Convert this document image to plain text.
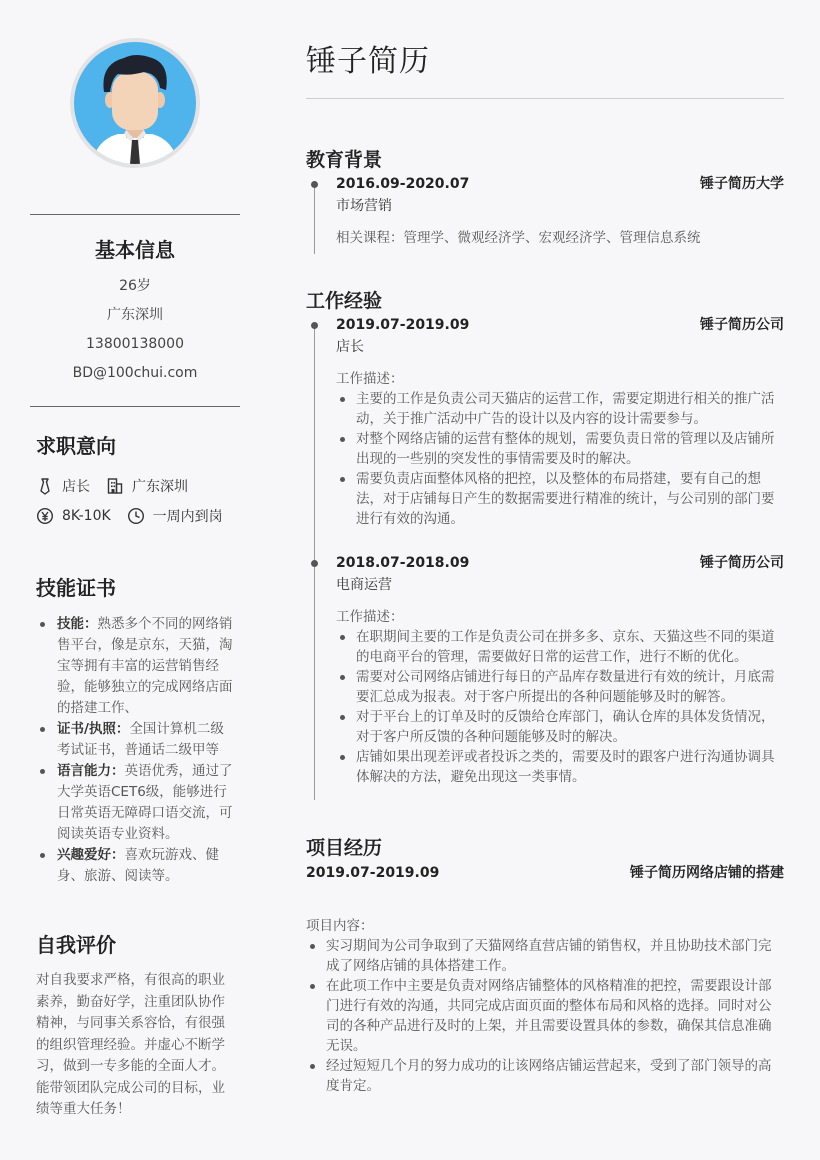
基本信息
26岁
广东深圳
13800138000
BD@100chui.com
求职意向
店长	广东深圳
8K-10K	一周内到岗
技能证书
技能：熟悉多个不同的网络销售平台，像是京东，天猫，淘宝等拥有丰富的运营销售经验，能够独立的完成网络店面的搭建工作、
证书/执照：全国计算机二级考试证书，普通话二级甲等
语言能力：英语优秀，通过了大学英语CET6级，能够进行日常英语无障碍口语交流，可阅读英语专业资料。
兴趣爱好：喜欢玩游戏、健身、旅游、阅读等。
自我评价
对自我要求严格，有很高的职业素养，勤奋好学，注重团队协作精神，与同事关系容恰，有很强的组织管理经验。并虚心不断学习，做到一专多能的全面人才。能带领团队完成公司的目标，业绩等重大任务！
锤子简历
教育背景
2016.09-2020.07	锤子简历大学
市场营销
相关课程：管理学、微观经济学、宏观经济学、管理信息系统
工作经验
2019.07-2019.09	锤子简历公司
店长
工作描述：
主要的工作是负责公司天猫店的运营工作，需要定期进行相关的推广活动，关于推广活动中广告的设计以及内容的设计需要参与。
对整个网络店铺的运营有整体的规划，需要负责日常的管理以及店铺所出现的一些别的突发性的事情需要及时的解决。
需要负责店面整体风格的把控，以及整体的布局搭建，要有自己的想法，对于店铺每日产生的数据需要进行精准的统计，与公司别的部门要进行有效的沟通。
2018.07-2018.09	锤子简历公司
电商运营
工作描述：
在职期间主要的工作是负责公司在拼多多、京东、天猫这些不同的渠道的电商平台的管理，需要做好日常的运营工作，进行不断的优化。
需要对公司网络店铺进行每日的产品库存数量进行有效的统计，月底需要汇总成为报表。对于客户所提出的各种问题能够及时的解答。
对于平台上的订单及时的反馈给仓库部门，确认仓库的具体发货情况，对于客户所反馈的各种问题能够及时的解决。
店铺如果出现差评或者投诉之类的，需要及时的跟客户进行沟通协调具体解决的方法，避免出现这一类事情。
项目经历
2019.07-2019.09	锤子简历网络店铺的搭建
项目内容：
实习期间为公司争取到了天猫网络直营店铺的销售权，并且协助技术部门完成了网络店铺的具体搭建工作。
在此项工作中主要是负责对网络店铺整体的风格精准的把控，需要跟设计部门进行有效的沟通，共同完成店面页面的整体布局和风格的选择。同时对公司的各种产品进行及时的上架，并且需要设置具体的参数，确保其信息准确无误。
经过短短几个月的努力成功的让该网络店铺运营起来，受到了部门领导的高度肯定。
